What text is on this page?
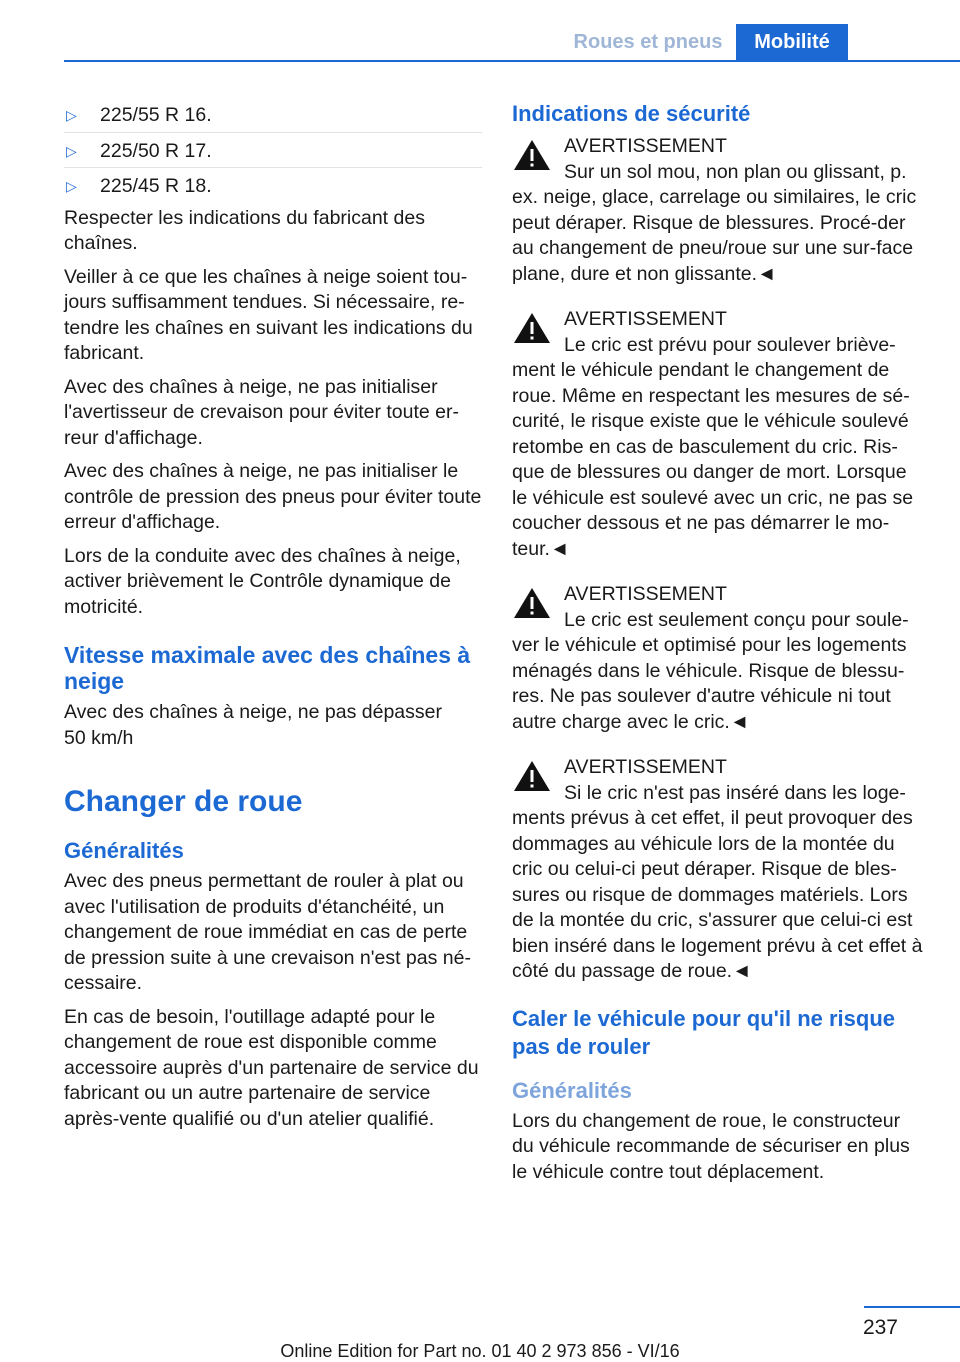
Roues et pneus	Mobilité
▷	225/55 R 16.
▷	225/50 R 17.
▷	225/45 R 18.

Respecter les indications du fabricant des chaînes.

Veiller à ce que les chaînes à neige soient tou-jours suffisamment tendues. Si nécessaire, re-tendre les chaînes en suivant les indications du fabricant.

Avec des chaînes à neige, ne pas initialiser l'avertisseur de crevaison pour éviter toute er-reur d'affichage.

Avec des chaînes à neige, ne pas initialiser le contrôle de pression des pneus pour éviter toute erreur d'affichage.

Lors de la conduite avec des chaînes à neige, activer brièvement le Contrôle dynamique de motricité.

Vitesse maximale avec des chaînes à neige

Avec des chaînes à neige, ne pas dépasser
50 km/h

Changer de roue
Généralités

Avec des pneus permettant de rouler à plat ou avec l'utilisation de produits d'étanchéité, un changement de roue immédiat en cas de perte de pression suite à une crevaison n'est pas né-cessaire.

En cas de besoin, l'outillage adapté pour le changement de roue est disponible comme accessoire auprès d'un partenaire de service du fabricant ou un autre partenaire de service après-vente qualifié ou d'un atelier qualifié.

Indications de sécurité

AVERTISSEMENT

Sur un sol mou, non plan ou glissant, p. ex. neige, glace, carrelage ou similaires, le cric peut déraper. Risque de blessures. Procé-der au changement de pneu/roue sur une sur-face plane, dure et non glissante.◄

AVERTISSEMENT

Le cric est prévu pour soulever briève-ment le véhicule pendant le changement de roue. Même en respectant les mesures de sé-curité, le risque existe que le véhicule soulevé retombe en cas de basculement du cric. Ris-que de blessures ou danger de mort. Lorsque le véhicule est soulevé avec un cric, ne pas se coucher dessous et ne pas démarrer le mo-teur.◄

AVERTISSEMENT

Le cric est seulement conçu pour soule-ver le véhicule et optimisé pour les logements ménagés dans le véhicule. Risque de blessu-res. Ne pas soulever d'autre véhicule ni tout autre charge avec le cric.◄

AVERTISSEMENT

Si le cric n'est pas inséré dans les loge-ments prévus à cet effet, il peut provoquer des dommages au véhicule lors de la montée du cric ou celui-ci peut déraper. Risque de bles-sures ou risque de dommages matériels. Lors de la montée du cric, s'assurer que celui-ci est bien inséré dans le logement prévu à cet effet à côté du passage de roue.◄

Caler le véhicule pour qu'il ne risque pas de rouler
Généralités

Lors du changement de roue, le constructeur du véhicule recommande de sécuriser en plus le véhicule contre tout déplacement.

237
Online Edition for Part no. 01 40 2 973 856 - VI/16
